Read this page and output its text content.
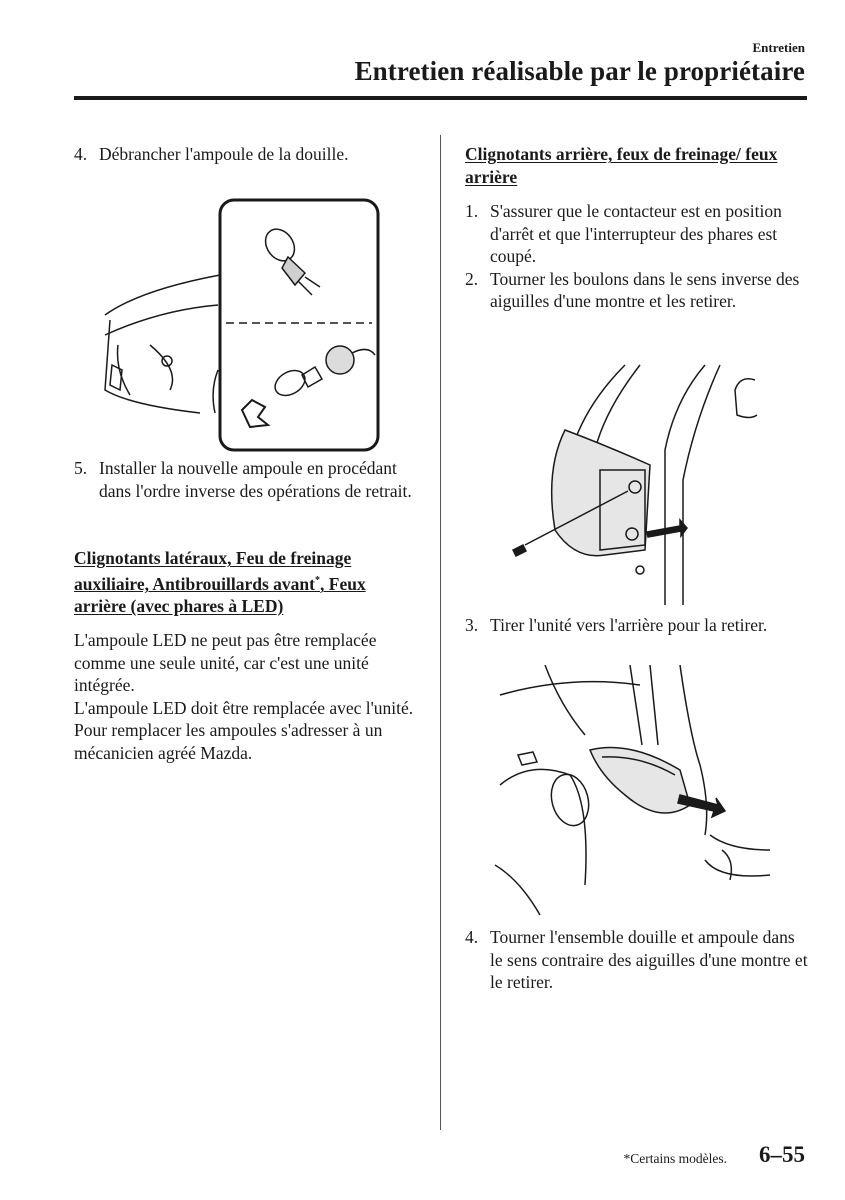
Entretien
Entretien réalisable par le propriétaire

4. Débrancher l'ampoule de la douille.

5. Installer la nouvelle ampoule en procédant dans l'ordre inverse des opérations de retrait.

Clignotants latéraux, Feu de freinage auxiliaire, Antibrouillards avant*, Feux arrière (avec phares à LED)

L'ampoule LED ne peut pas être remplacée comme une seule unité, car c'est une unité intégrée.

L'ampoule LED doit être remplacée avec l'unité. Pour remplacer les ampoules s'adresser à un mécanicien agréé Mazda.

Clignotants arrière, feux de freinage/ feux arrière

1. S'assurer que le contacteur est en position d'arrêt et que l'interrupteur des phares est coupé.

2. Tourner les boulons dans le sens inverse des aiguilles d'une montre et les retirer.

3. Tirer l'unité vers l'arrière pour la retirer.

4. Tourner l'ensemble douille et ampoule dans le sens contraire des aiguilles d'une montre et le retirer.

*Certains modèles. 6–55
